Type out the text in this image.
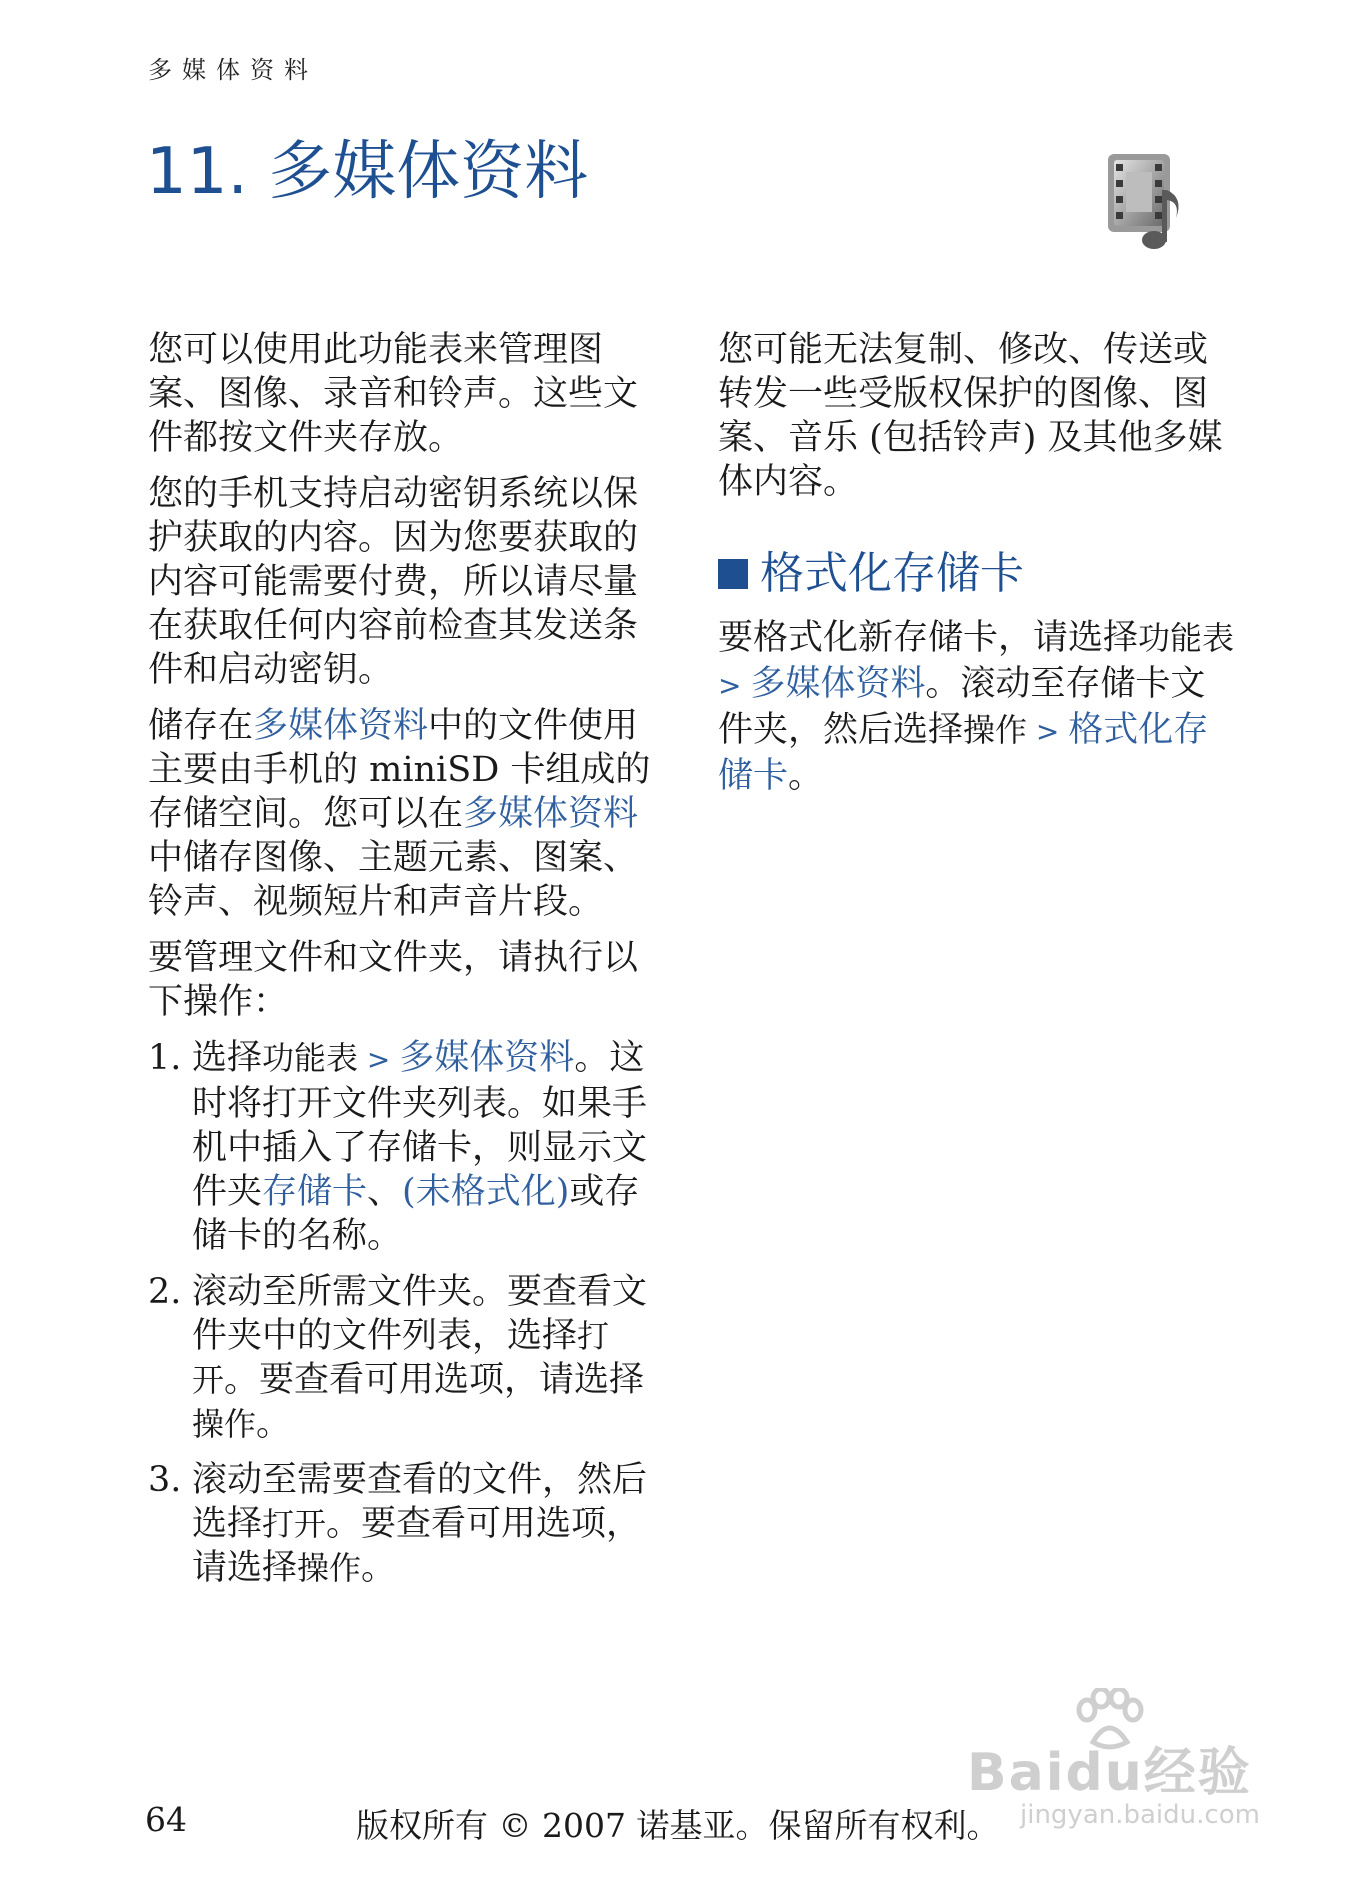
多媒体资料
11. 多媒体资料

您可以使用此功能表来管理图案、图像、录音和铃声。这些文件都按文件夹存放。

您的手机支持启动密钥系统以保护获取的内容。因为您要获取的内容可能需要付费，所以请尽量在获取任何内容前检查其发送条件和启动密钥。

储存在多媒体资料中的文件使用主要由手机的 miniSD 卡组成的存储空间。您可以在多媒体资料中储存图像、主题元素、图案、铃声、视频短片和声音片段。

要管理文件和文件夹，请执行以下操作：

1. 选择功能表 > 多媒体资料。这时将打开文件夹列表。如果手机中插入了存储卡，则显示文件夹存储卡、(未格式化)或存储卡的名称。
2. 滚动至所需文件夹。要查看文件夹中的文件列表，选择打开。要查看可用选项，请选择操作。
3. 滚动至需要查看的文件，然后选择打开。要查看可用选项，请选择操作。

您可能无法复制、修改、传送或转发一些受版权保护的图像、图案、音乐 (包括铃声) 及其他多媒体内容。

格式化存储卡

要格式化新存储卡，请选择功能表 > 多媒体资料。滚动至存储卡文件夹，然后选择操作 > 格式化存储卡。

Baidu经验
jingyan.baidu.com
64	版权所有 © 2007 诺基亚。保留所有权利。
